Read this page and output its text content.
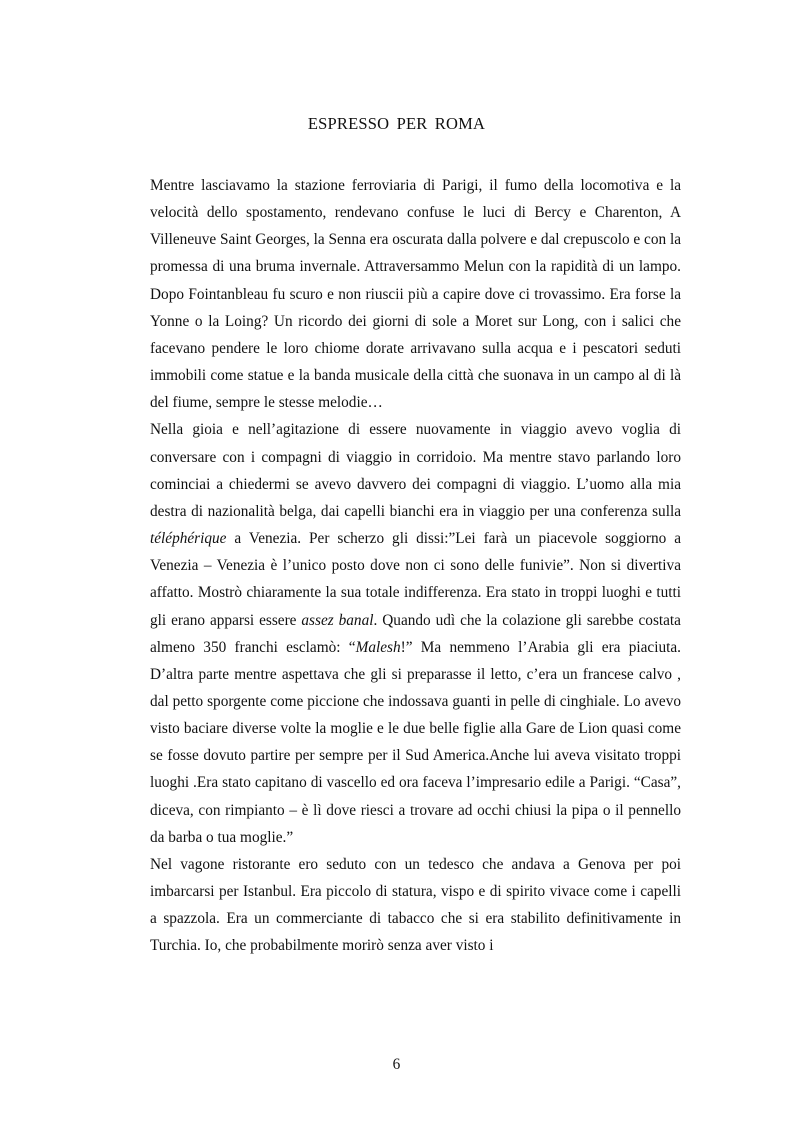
ESPRESSO PER ROMA

Mentre lasciavamo la stazione ferroviaria di Parigi, il fumo della locomotiva e la velocità dello spostamento, rendevano confuse le luci di Bercy e Charenton, A Villeneuve Saint Georges, la Senna era oscurata dalla polvere e dal crepuscolo e con la promessa di una bruma invernale. Attraversammo Melun con la rapidità di un lampo. Dopo Fointanbleau fu scuro e non riuscii più a capire dove ci trovassimo. Era forse la Yonne o la Loing? Un ricordo dei giorni di sole a Moret sur Long, con i salici che facevano pendere le loro chiome dorate arrivavano sulla acqua e i pescatori seduti immobili come statue e la banda musicale della città che suonava in un campo al di là del fiume, sempre le stesse melodie…

Nella gioia e nell’agitazione di essere nuovamente in viaggio avevo voglia di conversare con i compagni di viaggio in corridoio. Ma mentre stavo parlando loro cominciai a chiedermi se avevo davvero dei compagni di viaggio. L’uomo alla mia destra di nazionalità belga, dai capelli bianchi era in viaggio per una conferenza sulla téléphérique a Venezia. Per scherzo gli dissi:”Lei farà un piacevole soggiorno a Venezia – Venezia è l’unico posto dove non ci sono delle funivie”. Non si divertiva affatto. Mostrò chiaramente la sua totale indifferenza. Era stato in troppi luoghi e tutti gli erano apparsi essere assez banal. Quando udì che la colazione gli sarebbe costata almeno 350 franchi esclamò: “Malesh!” Ma nemmeno l’Arabia gli era piaciuta. D’altra parte mentre aspettava che gli si preparasse il letto, c’era un francese calvo , dal petto sporgente come piccione che indossava guanti in pelle di cinghiale. Lo avevo visto baciare diverse volte la moglie e le due belle figlie alla Gare de Lion quasi come se fosse dovuto partire per sempre per il Sud America.Anche lui aveva visitato troppi luoghi .Era stato capitano di vascello ed ora faceva l’impresario edile a Parigi. “Casa”, diceva, con rimpianto – è lì dove riesci a trovare ad occhi chiusi la pipa o il pennello da barba o tua moglie.”

Nel vagone ristorante ero seduto con un tedesco che andava a Genova per poi imbarcarsi per Istanbul. Era piccolo di statura, vispo e di spirito vivace come i capelli a spazzola. Era un commerciante di tabacco che si era stabilito definitivamente in Turchia. Io, che probabilmente morirò senza aver visto i

6
